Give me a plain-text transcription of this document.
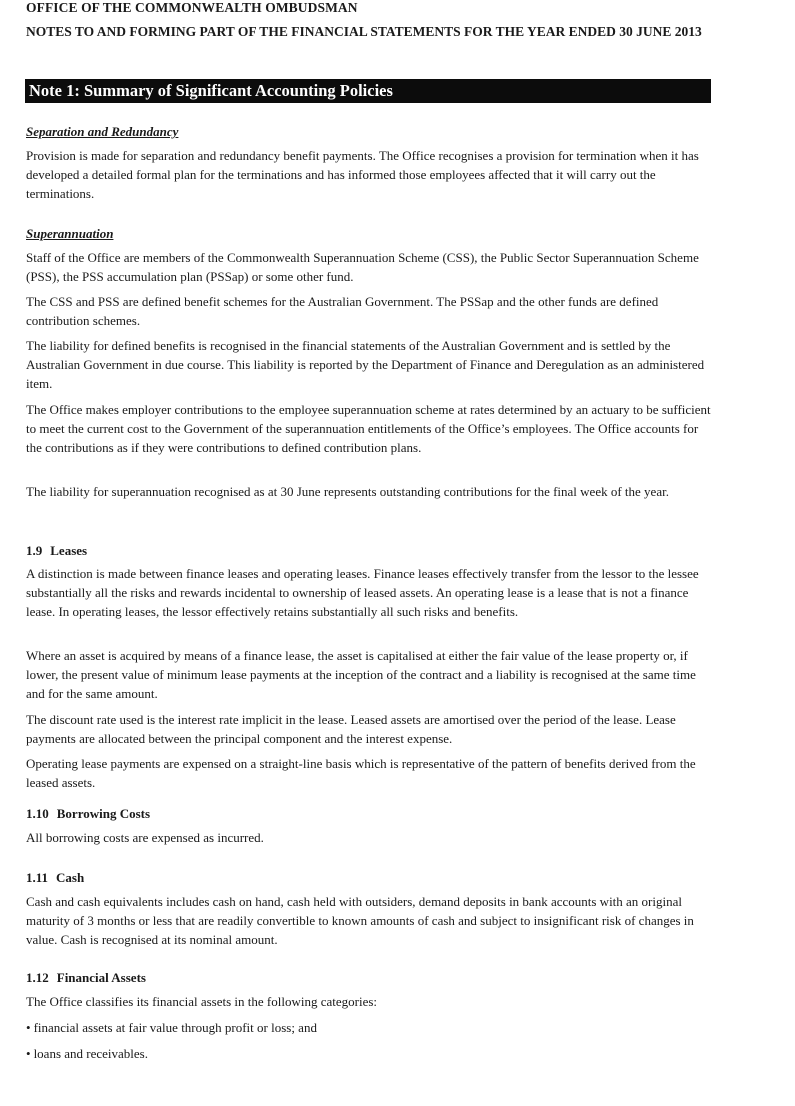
OFFICE OF THE COMMONWEALTH OMBUDSMAN
NOTES TO AND FORMING PART OF THE FINANCIAL STATEMENTS FOR THE YEAR ENDED 30 JUNE 2013
Note 1: Summary of Significant Accounting Policies
Separation and Redundancy
Provision is made for separation and redundancy benefit payments. The Office recognises a provision for termination when it has developed a detailed formal plan for the terminations and has informed those employees affected that it will carry out the terminations.
Superannuation
Staff of the Office are members of the Commonwealth Superannuation Scheme (CSS), the Public Sector Superannuation Scheme (PSS), the PSS accumulation plan (PSSap) or some other fund.
The CSS and PSS are defined benefit schemes for the Australian Government. The PSSap and the other funds are defined contribution schemes.
The liability for defined benefits is recognised in the financial statements of the Australian Government and is settled by the Australian Government in due course. This liability is reported by the Department of Finance and Deregulation as an administered item.
The Office makes employer contributions to the employee superannuation scheme at rates determined by an actuary to be sufficient to meet the current cost to the Government of the superannuation entitlements of the Office’s employees. The Office accounts for the contributions as if they were contributions to defined contribution plans.
The liability for superannuation recognised as at 30 June represents outstanding contributions for the final week of the year.
1.9 Leases
A distinction is made between finance leases and operating leases. Finance leases effectively transfer from the lessor to the lessee substantially all the risks and rewards incidental to ownership of leased assets. An operating lease is a lease that is not a finance lease. In operating leases, the lessor effectively retains substantially all such risks and benefits.
Where an asset is acquired by means of a finance lease, the asset is capitalised at either the fair value of the lease property or, if lower, the present value of minimum lease payments at the inception of the contract and a liability is recognised at the same time and for the same amount.
The discount rate used is the interest rate implicit in the lease. Leased assets are amortised over the period of the lease. Lease payments are allocated between the principal component and the interest expense.
Operating lease payments are expensed on a straight-line basis which is representative of the pattern of benefits derived from the leased assets.
1.10 Borrowing Costs
All borrowing costs are expensed as incurred.
1.11 Cash
Cash and cash equivalents includes cash on hand, cash held with outsiders, demand deposits in bank accounts with an original maturity of 3 months or less that are readily convertible to known amounts of cash and subject to insignificant risk of changes in value. Cash is recognised at its nominal amount.
1.12 Financial Assets
The Office classifies its financial assets in the following categories:
• financial assets at fair value through profit or loss; and
• loans and receivables.
